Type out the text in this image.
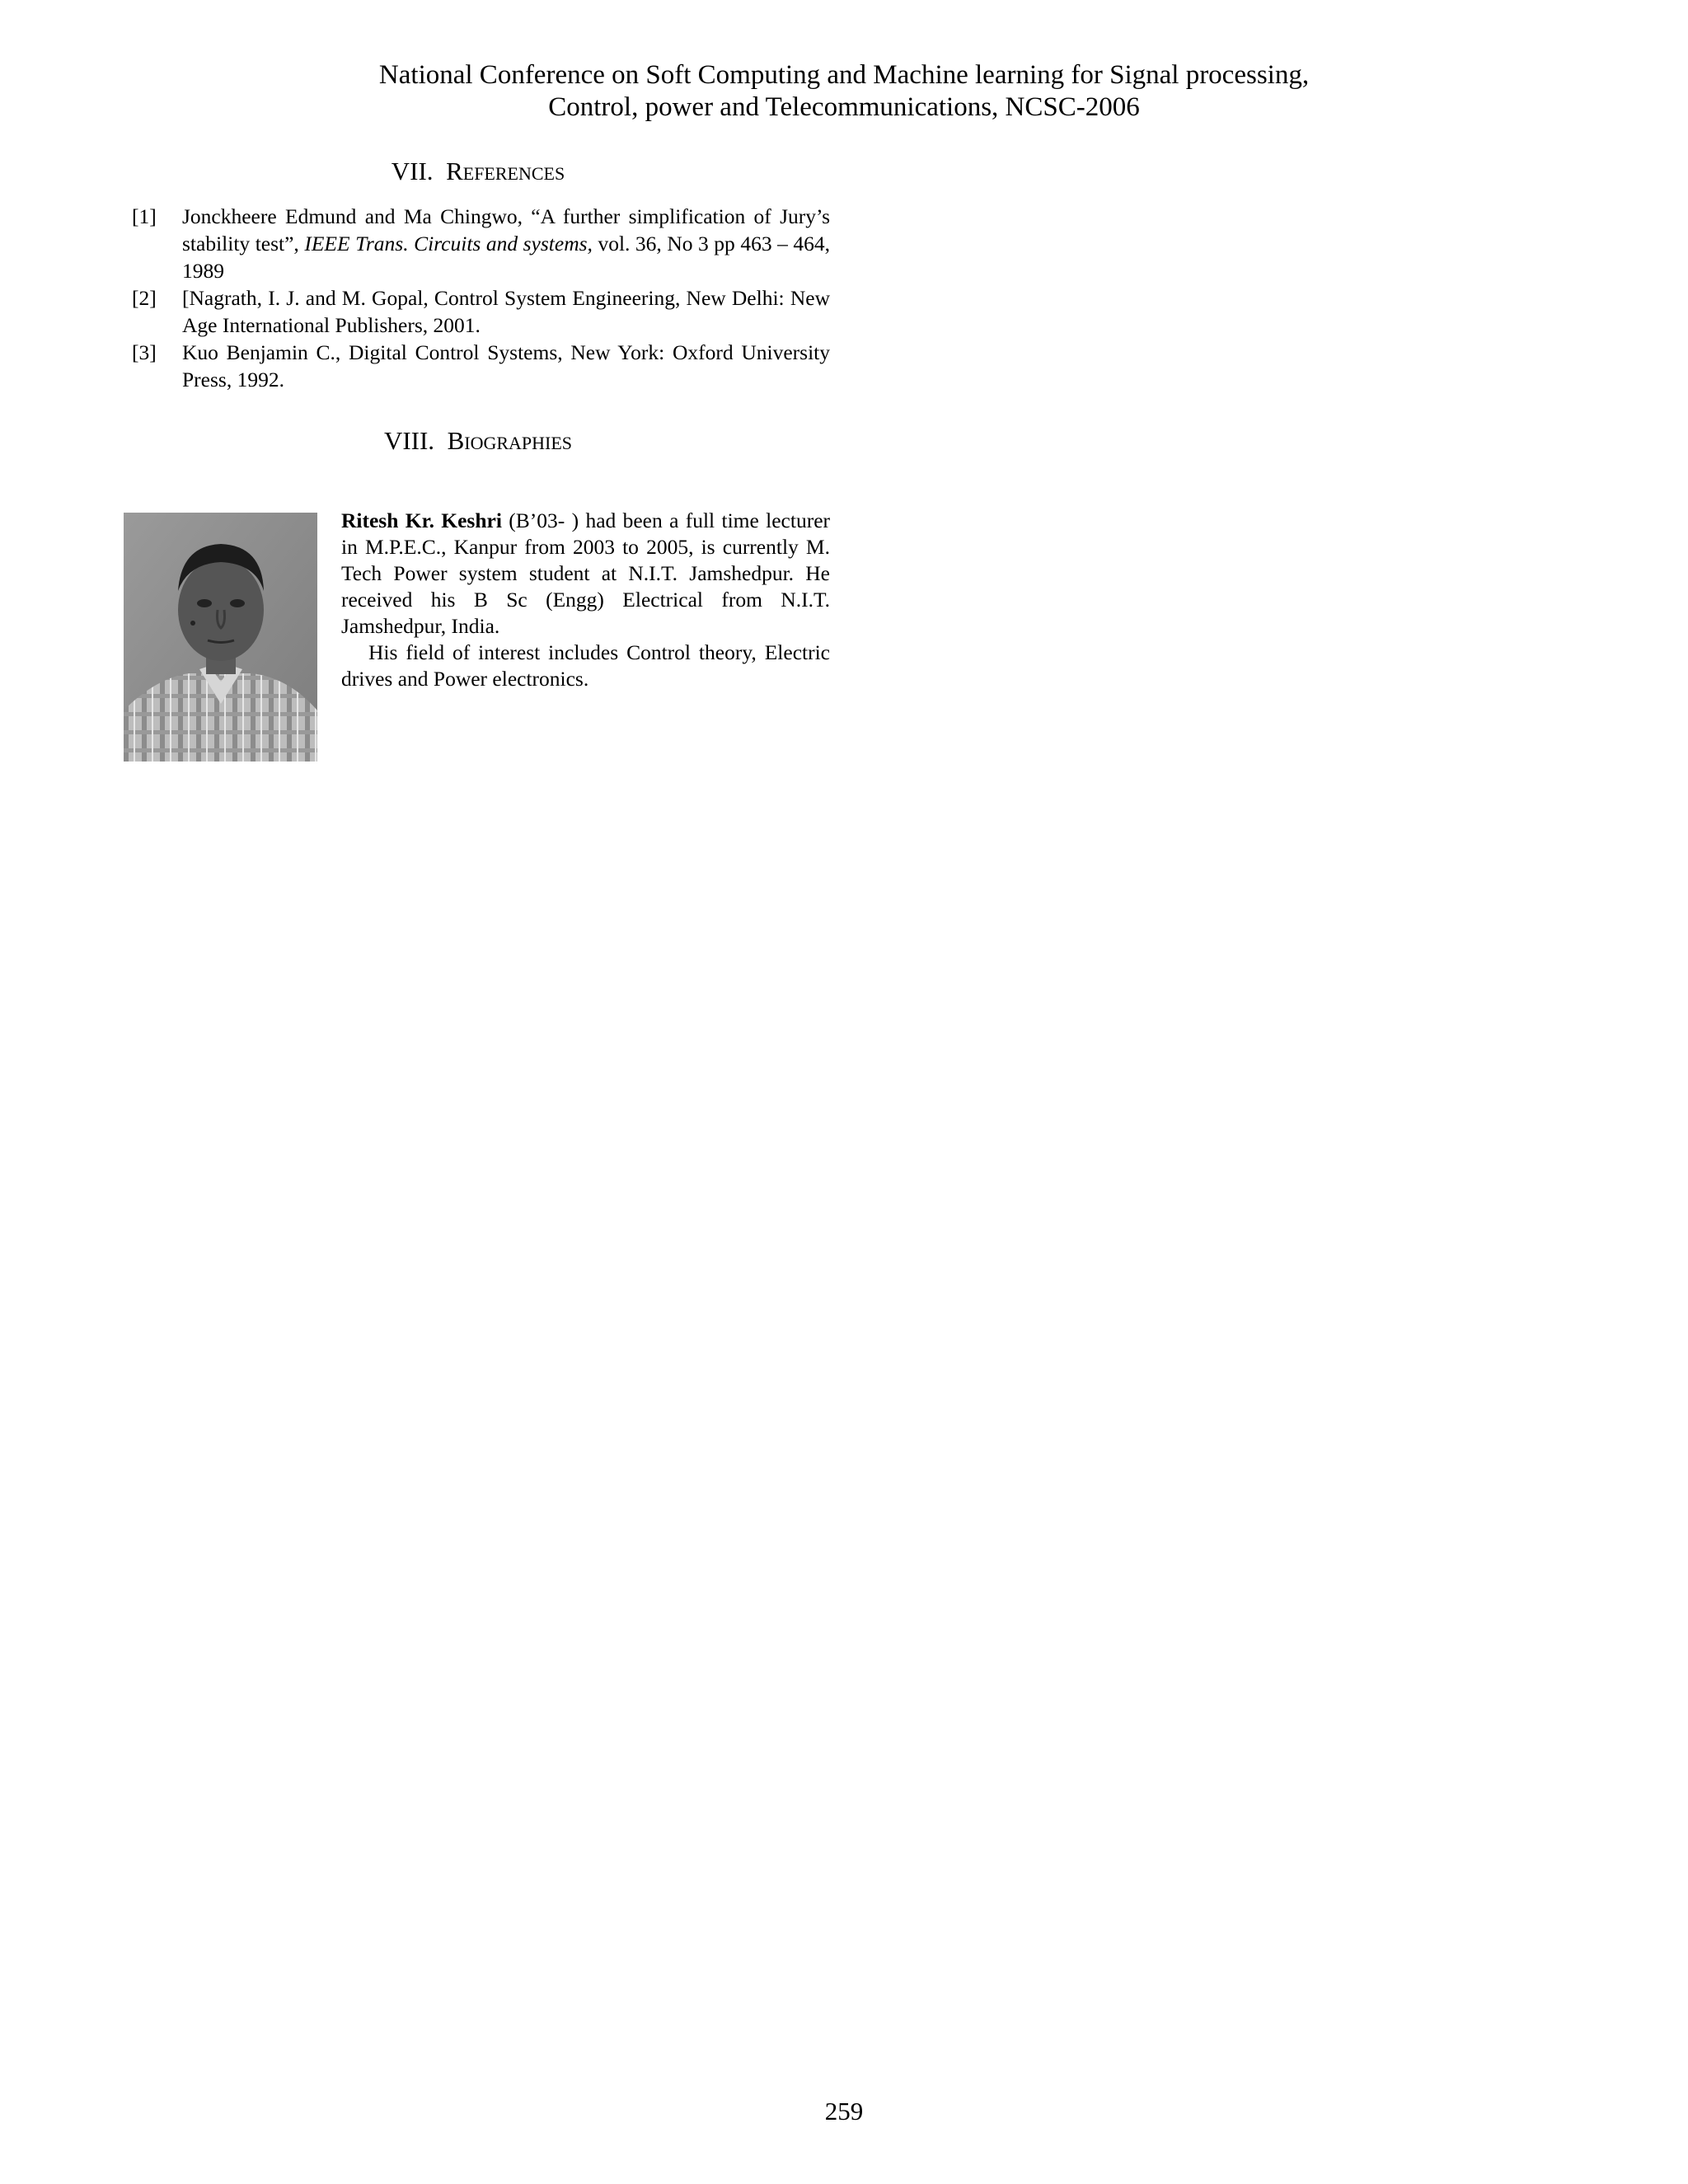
National Conference on Soft Computing and Machine learning for Signal processing,
Control, power and Telecommunications, NCSC-2006
VII. References
[1]	Jonckheere Edmund and Ma Chingwo, “A further simplification of Jury’s stability test”, IEEE Trans. Circuits and systems, vol. 36, No 3 pp 463 – 464, 1989
[2]	[Nagrath, I. J. and M. Gopal, Control System Engineering, New Delhi: New Age International Publishers, 2001.
[3]	Kuo Benjamin C., Digital Control Systems, New York: Oxford University Press, 1992.
VIII. Biographies

Ritesh Kr. Keshri (B’03- ) had been a full time lecturer in M.P.E.C., Kanpur from 2003 to 2005, is currently M. Tech Power system student at N.I.T. Jamshedpur. He received his B Sc (Engg) Electrical from N.I.T. Jamshedpur, India.

His field of interest includes Control theory, Electric drives and Power electronics.

259
